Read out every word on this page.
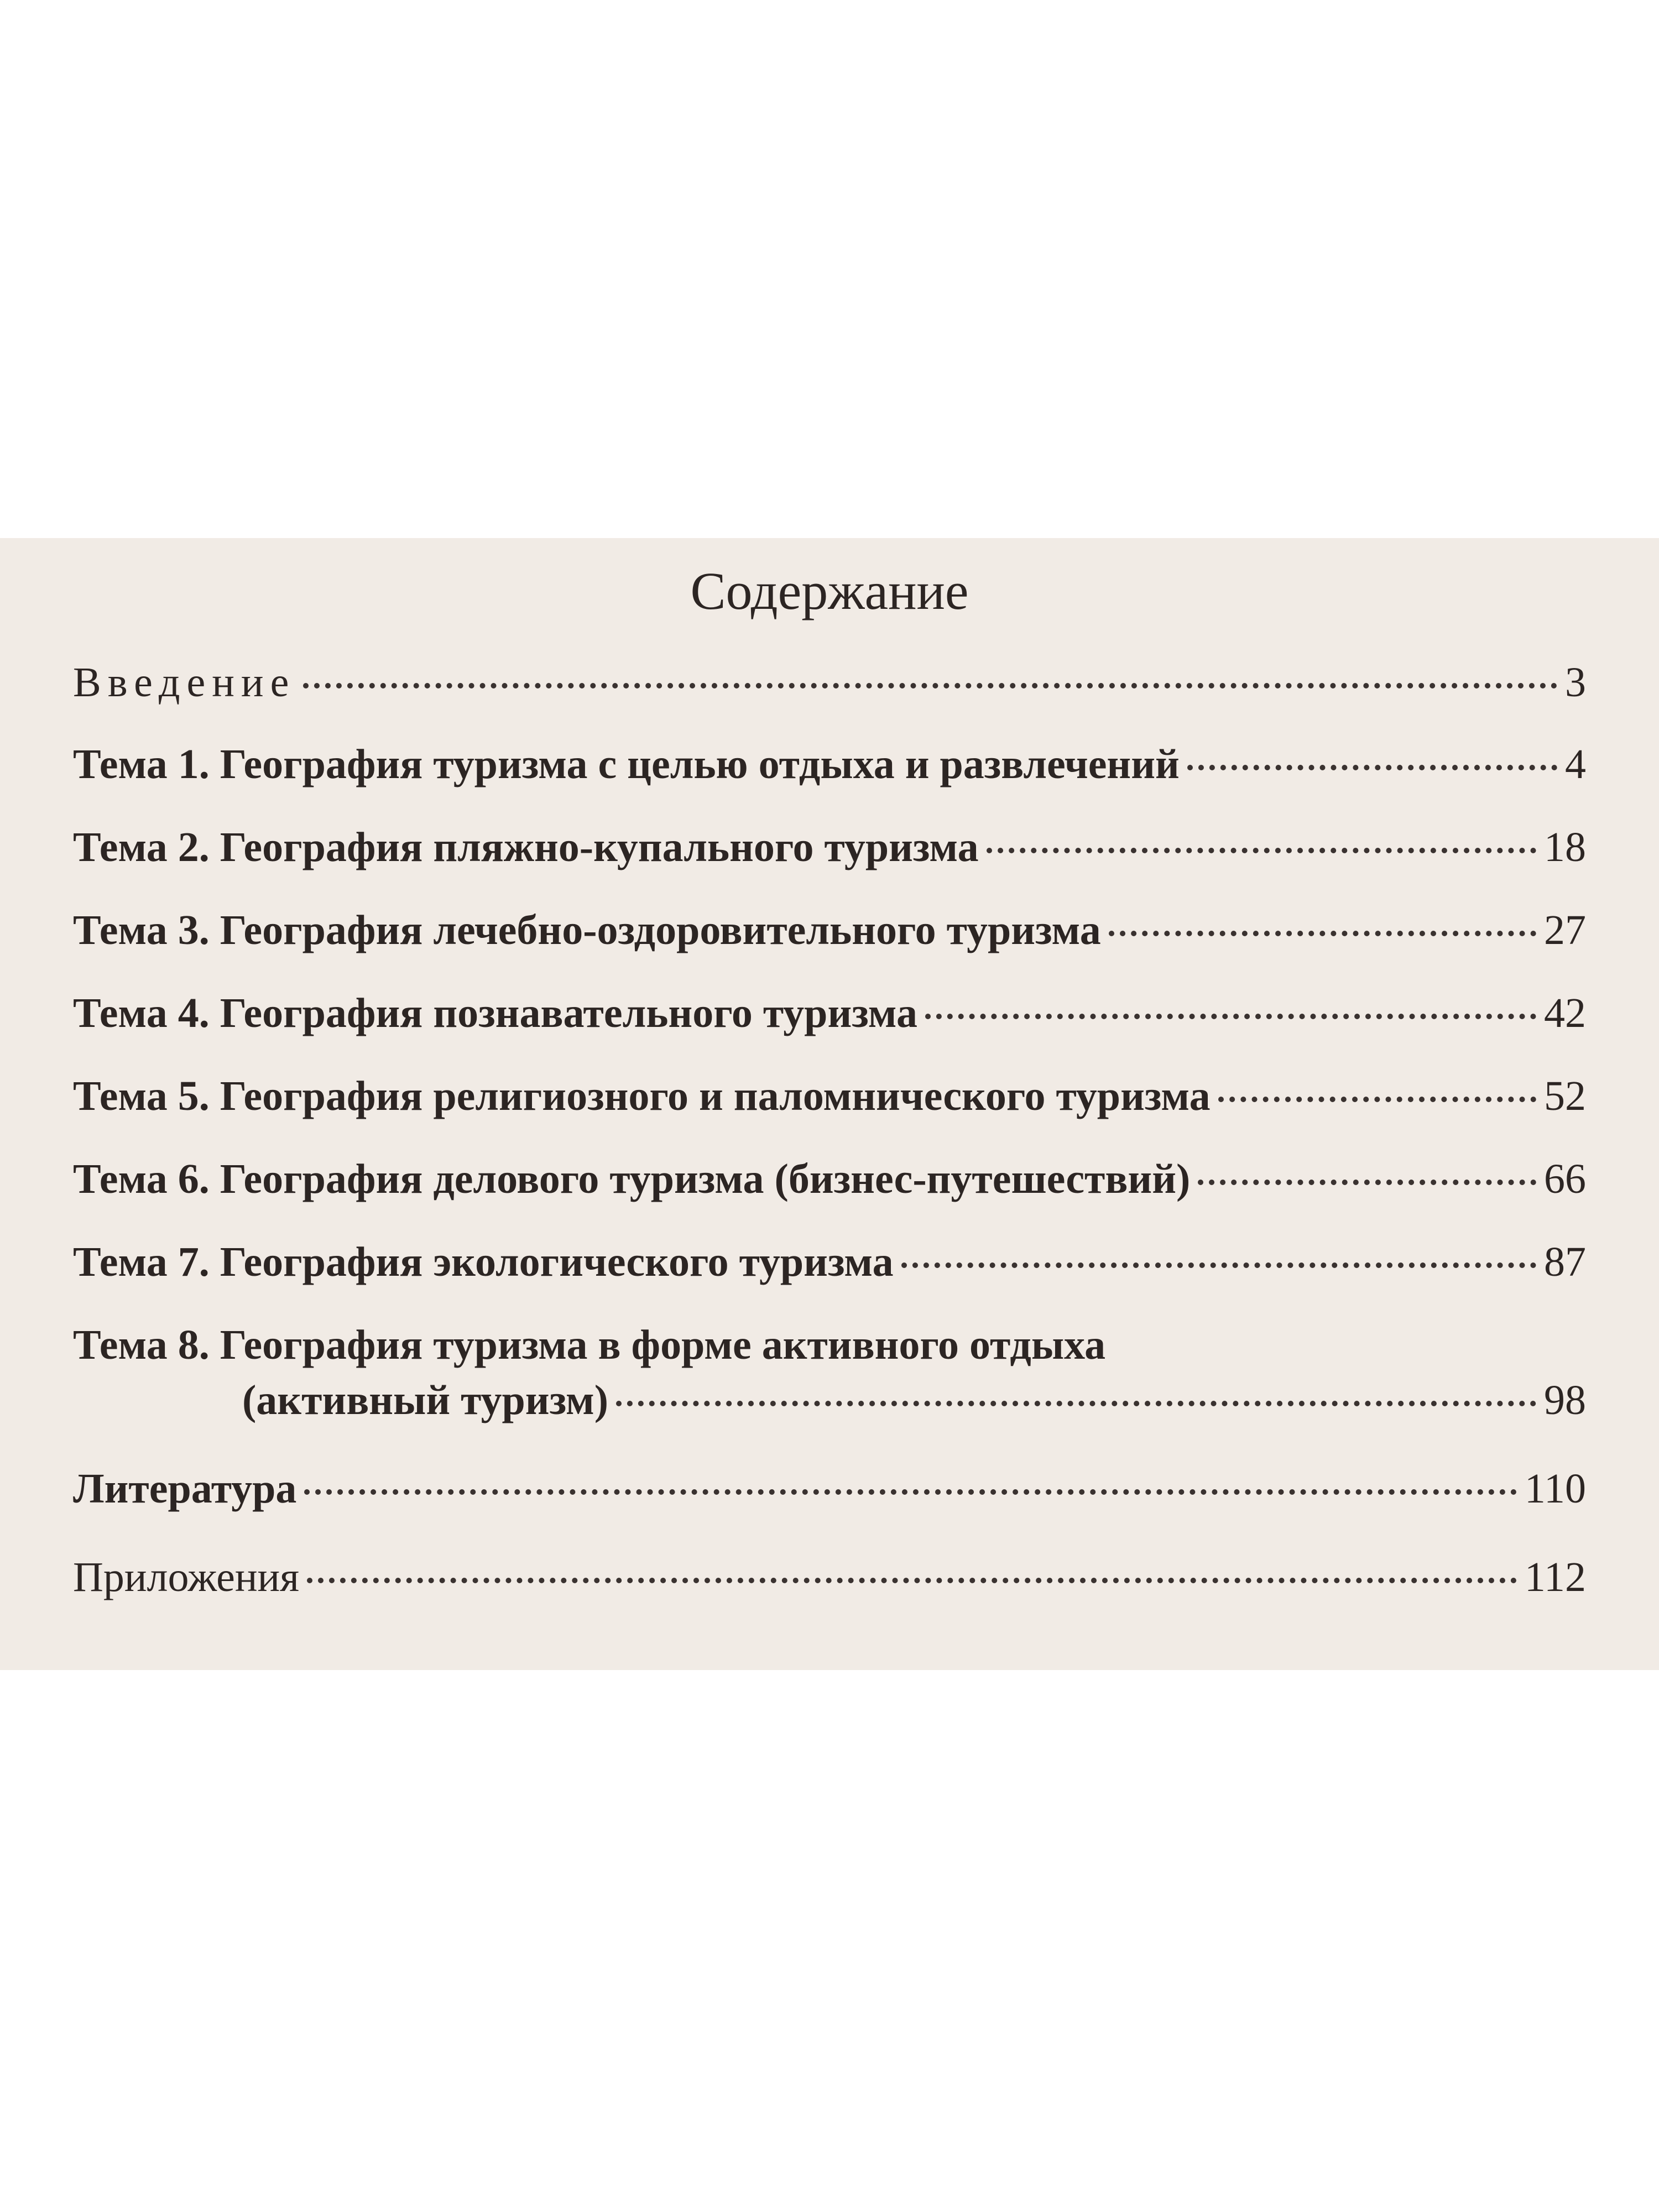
Содержание
Введение	3
Тема 1. География туризма с целью отдыха и развлечений	4
Тема 2. География пляжно-купального туризма	18
Тема 3. География лечебно-оздоровительного туризма	27
Тема 4. География познавательного туризма	42
Тема 5. География религиозного и паломнического туризма	52
Тема 6. География делового туризма (бизнес-путешествий)	66
Тема 7. География экологического туризма	87
Тема 8. География туризма в форме активного отдыха
(активный туризм)	98
Литература	110
Приложения	112
